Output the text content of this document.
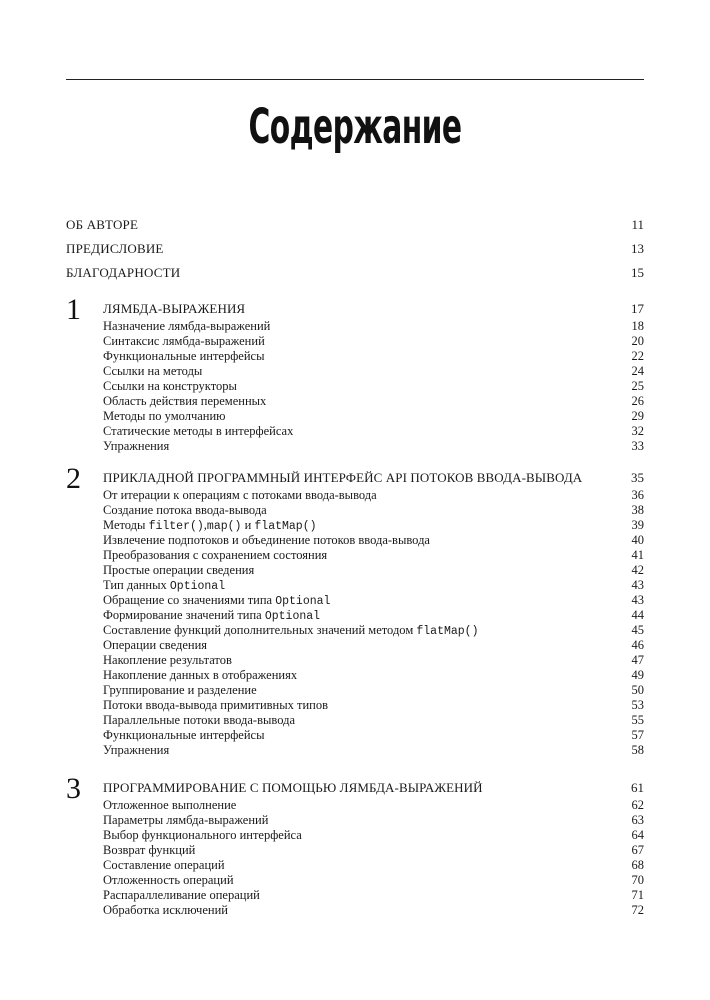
Содержание
ОБ АВТОРЕ	11
ПРЕДИСЛОВИЕ	13
БЛАГОДАРНОСТИ	15
1 ЛЯМБДА-ВЫРАЖЕНИЯ	17
Назначение лямбда-выражений	18
Синтаксис лямбда-выражений	20
Функциональные интерфейсы	22
Ссылки на методы	24
Ссылки на конструкторы	25
Область действия переменных	26
Методы по умолчанию	29
Статические методы в интерфейсах	32
Упражнения	33
2 ПРИКЛАДНОЙ ПРОГРАММНЫЙ ИНТЕРФЕЙС API ПОТОКОВ ВВОДА-ВЫВОДА	35
От итерации к операциям с потоками ввода-вывода	36
Создание потока ввода-вывода	38
Методы filter(),map() и flatMap()	39
Извлечение подпотоков и объединение потоков ввода-вывода	40
Преобразования с сохранением состояния	41
Простые операции сведения	42
Тип данных Optional	43
Обращение со значениями типа Optional	43
Формирование значений типа Optional	44
Составление функций дополнительных значений методом flatMap()	45
Операции сведения	46
Накопление результатов	47
Накопление данных в отображениях	49
Группирование и разделение	50
Потоки ввода-вывода примитивных типов	53
Параллельные потоки ввода-вывода	55
Функциональные интерфейсы	57
Упражнения	58
3 ПРОГРАММИРОВАНИЕ С ПОМОЩЬЮ ЛЯМБДА-ВЫРАЖЕНИЙ	61
Отложенное выполнение	62
Параметры лямбда-выражений	63
Выбор функционального интерфейса	64
Возврат функций	67
Составление операций	68
Отложенность операций	70
Распараллеливание операций	71
Обработка исключений	72
